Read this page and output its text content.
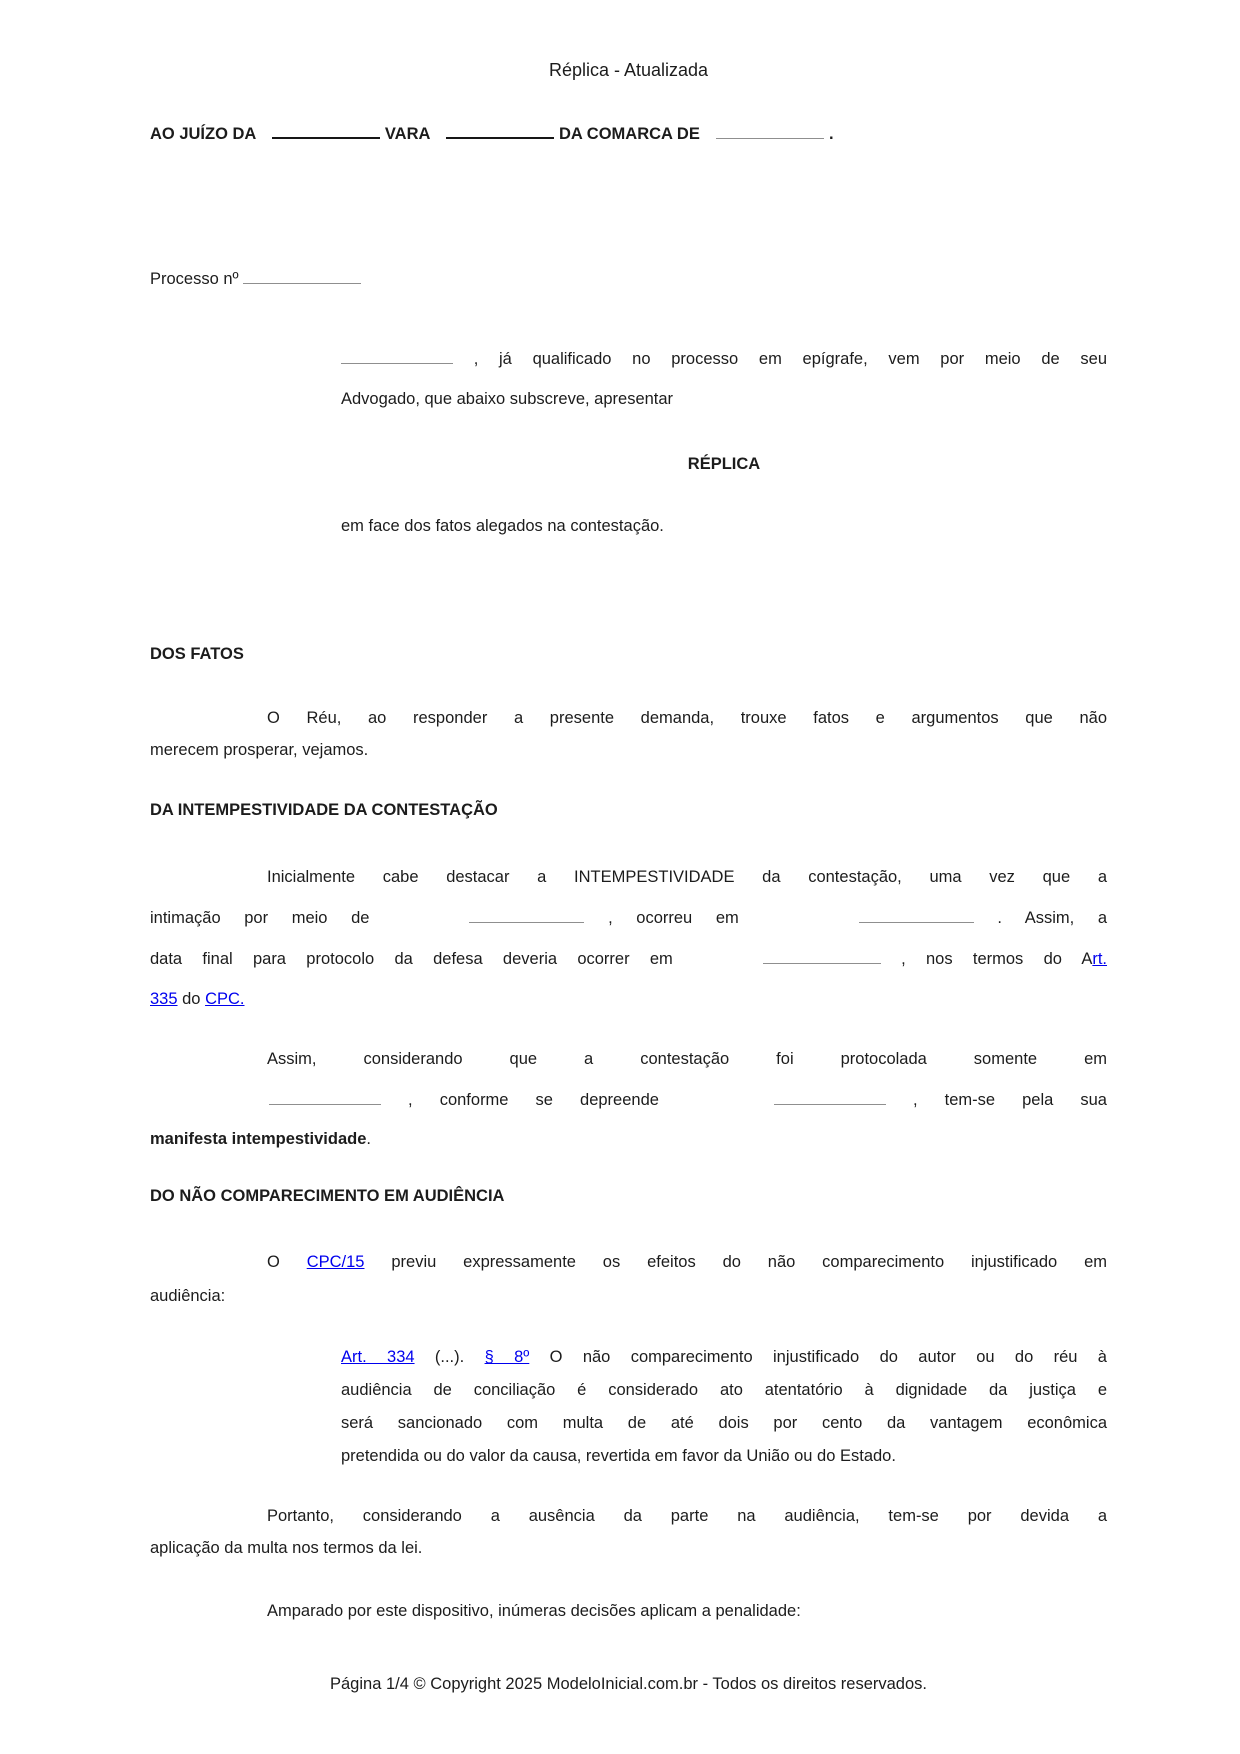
Réplica - Atualizada
AO JUÍZO DA	VARA	DA COMARCA DE	.
Processo nº
, já qualificado no processo em epígrafe, vem por meio de seu
Advogado, que abaixo subscreve, apresentar
RÉPLICA
em face dos fatos alegados na contestação.
DOS FATOS
O Réu, ao responder a presente demanda, trouxe fatos e argumentos que não
merecem prosperar, vejamos.
DA INTEMPESTIVIDADE DA CONTESTAÇÃO
Inicialmente cabe destacar a INTEMPESTIVIDADE da contestação, uma vez que a
intimação por meio de	, ocorreu em	. Assim, a
data final para protocolo da defesa deveria ocorrer em	, nos termos do Art.
335 do CPC.
Assim, considerando que a contestação foi protocolada somente em
, conforme se depreende	, tem-se pela sua
manifesta intempestividade.
DO NÃO COMPARECIMENTO EM AUDIÊNCIA
O CPC/15 previu expressamente os efeitos do não comparecimento injustificado em
audiência:
Art. 334 (...). § 8º O não comparecimento injustificado do autor ou do réu à
audiência de conciliação é considerado ato atentatório à dignidade da justiça e
será sancionado com multa de até dois por cento da vantagem econômica
pretendida ou do valor da causa, revertida em favor da União ou do Estado.
Portanto, considerando a ausência da parte na audiência, tem-se por devida a
aplicação da multa nos termos da lei.
Amparado por este dispositivo, inúmeras decisões aplicam a penalidade:
Página 1/4 © Copyright 2025 ModeloInicial.com.br - Todos os direitos reservados.
